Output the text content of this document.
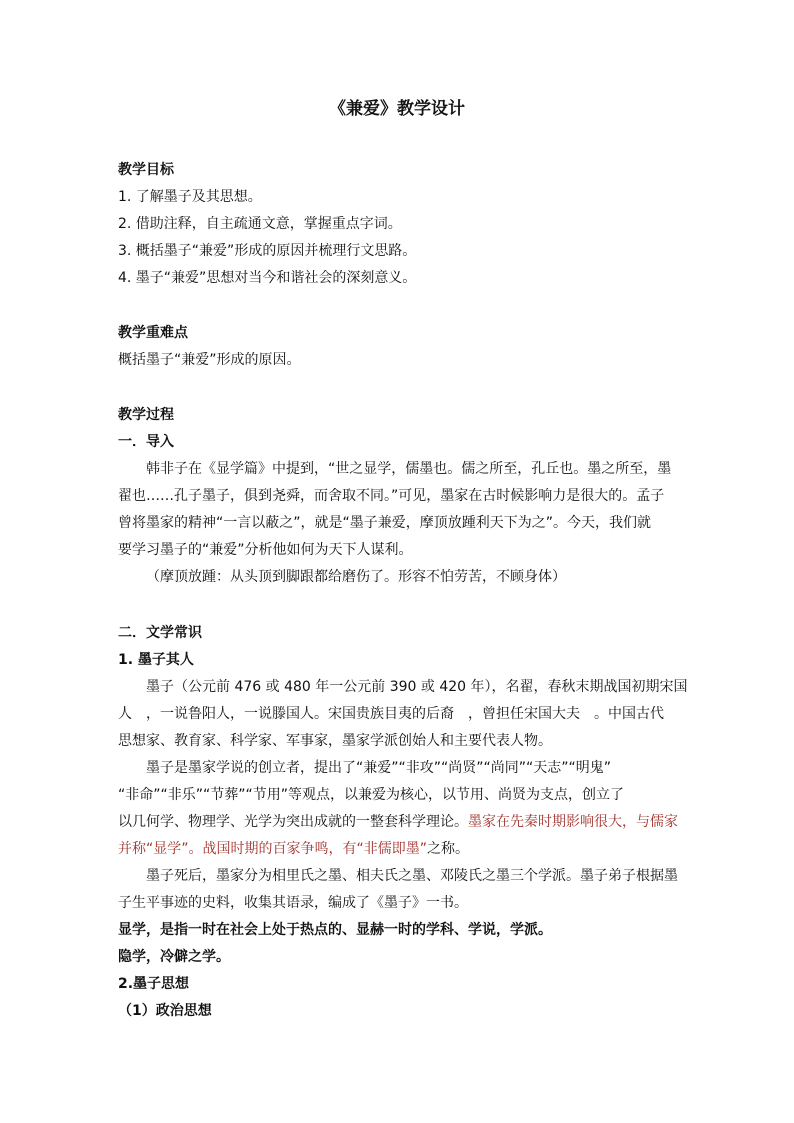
《兼爱》教学设计
教学目标
1. 了解墨子及其思想。
2. 借助注释，自主疏通文意，掌握重点字词。
3. 概括墨子“兼爱”形成的原因并梳理行文思路。
4. 墨子“兼爱”思想对当今和谐社会的深刻意义。
教学重难点
概括墨子“兼爱”形成的原因。
教学过程
一．导入
韩非子在《显学篇》中提到，“世之显学，儒墨也。儒之所至，孔丘也。墨之所至，墨
翟也……孔子墨子，俱到尧舜，而舍取不同。”可见，墨家在古时候影响力是很大的。孟子
曾将墨家的精神“一言以蔽之”，就是“墨子兼爱，摩顶放踵利天下为之”。今天，我们就
要学习墨子的“兼爱”分析他如何为天下人谋利。
（摩顶放踵：从头顶到脚跟都给磨伤了。形容不怕劳苦，不顾身体）
二．文学常识
1. 墨子其人
墨子（公元前 476 或 480 年一公元前 390 或 420 年），名翟，春秋末期战国初期宋国
人　，一说鲁阳人，一说滕国人。宋国贵族目夷的后裔　，曾担任宋国大夫　。中国古代
思想家、教育家、科学家、军事家，墨家学派创始人和主要代表人物。
墨子是墨家学说的创立者，提出了“兼爱”“非攻”“尚贤”“尚同”“天志”“明鬼”
“非命”“非乐”“节葬”“节用”等观点，以兼爱为核心，以节用、尚贤为支点，创立了
以几何学、物理学、光学为突出成就的一整套科学理论。墨家在先秦时期影响很大，与儒家
并称“显学”。战国时期的百家争鸣，有“非儒即墨”之称。
墨子死后，墨家分为相里氏之墨、相夫氏之墨、邓陵氏之墨三个学派。墨子弟子根据墨
子生平事迹的史料，收集其语录，编成了《墨子》一书。
显学，是指一时在社会上处于热点的、显赫一时的学科、学说，学派。
隐学，冷僻之学。
2.墨子思想
（1）政治思想
